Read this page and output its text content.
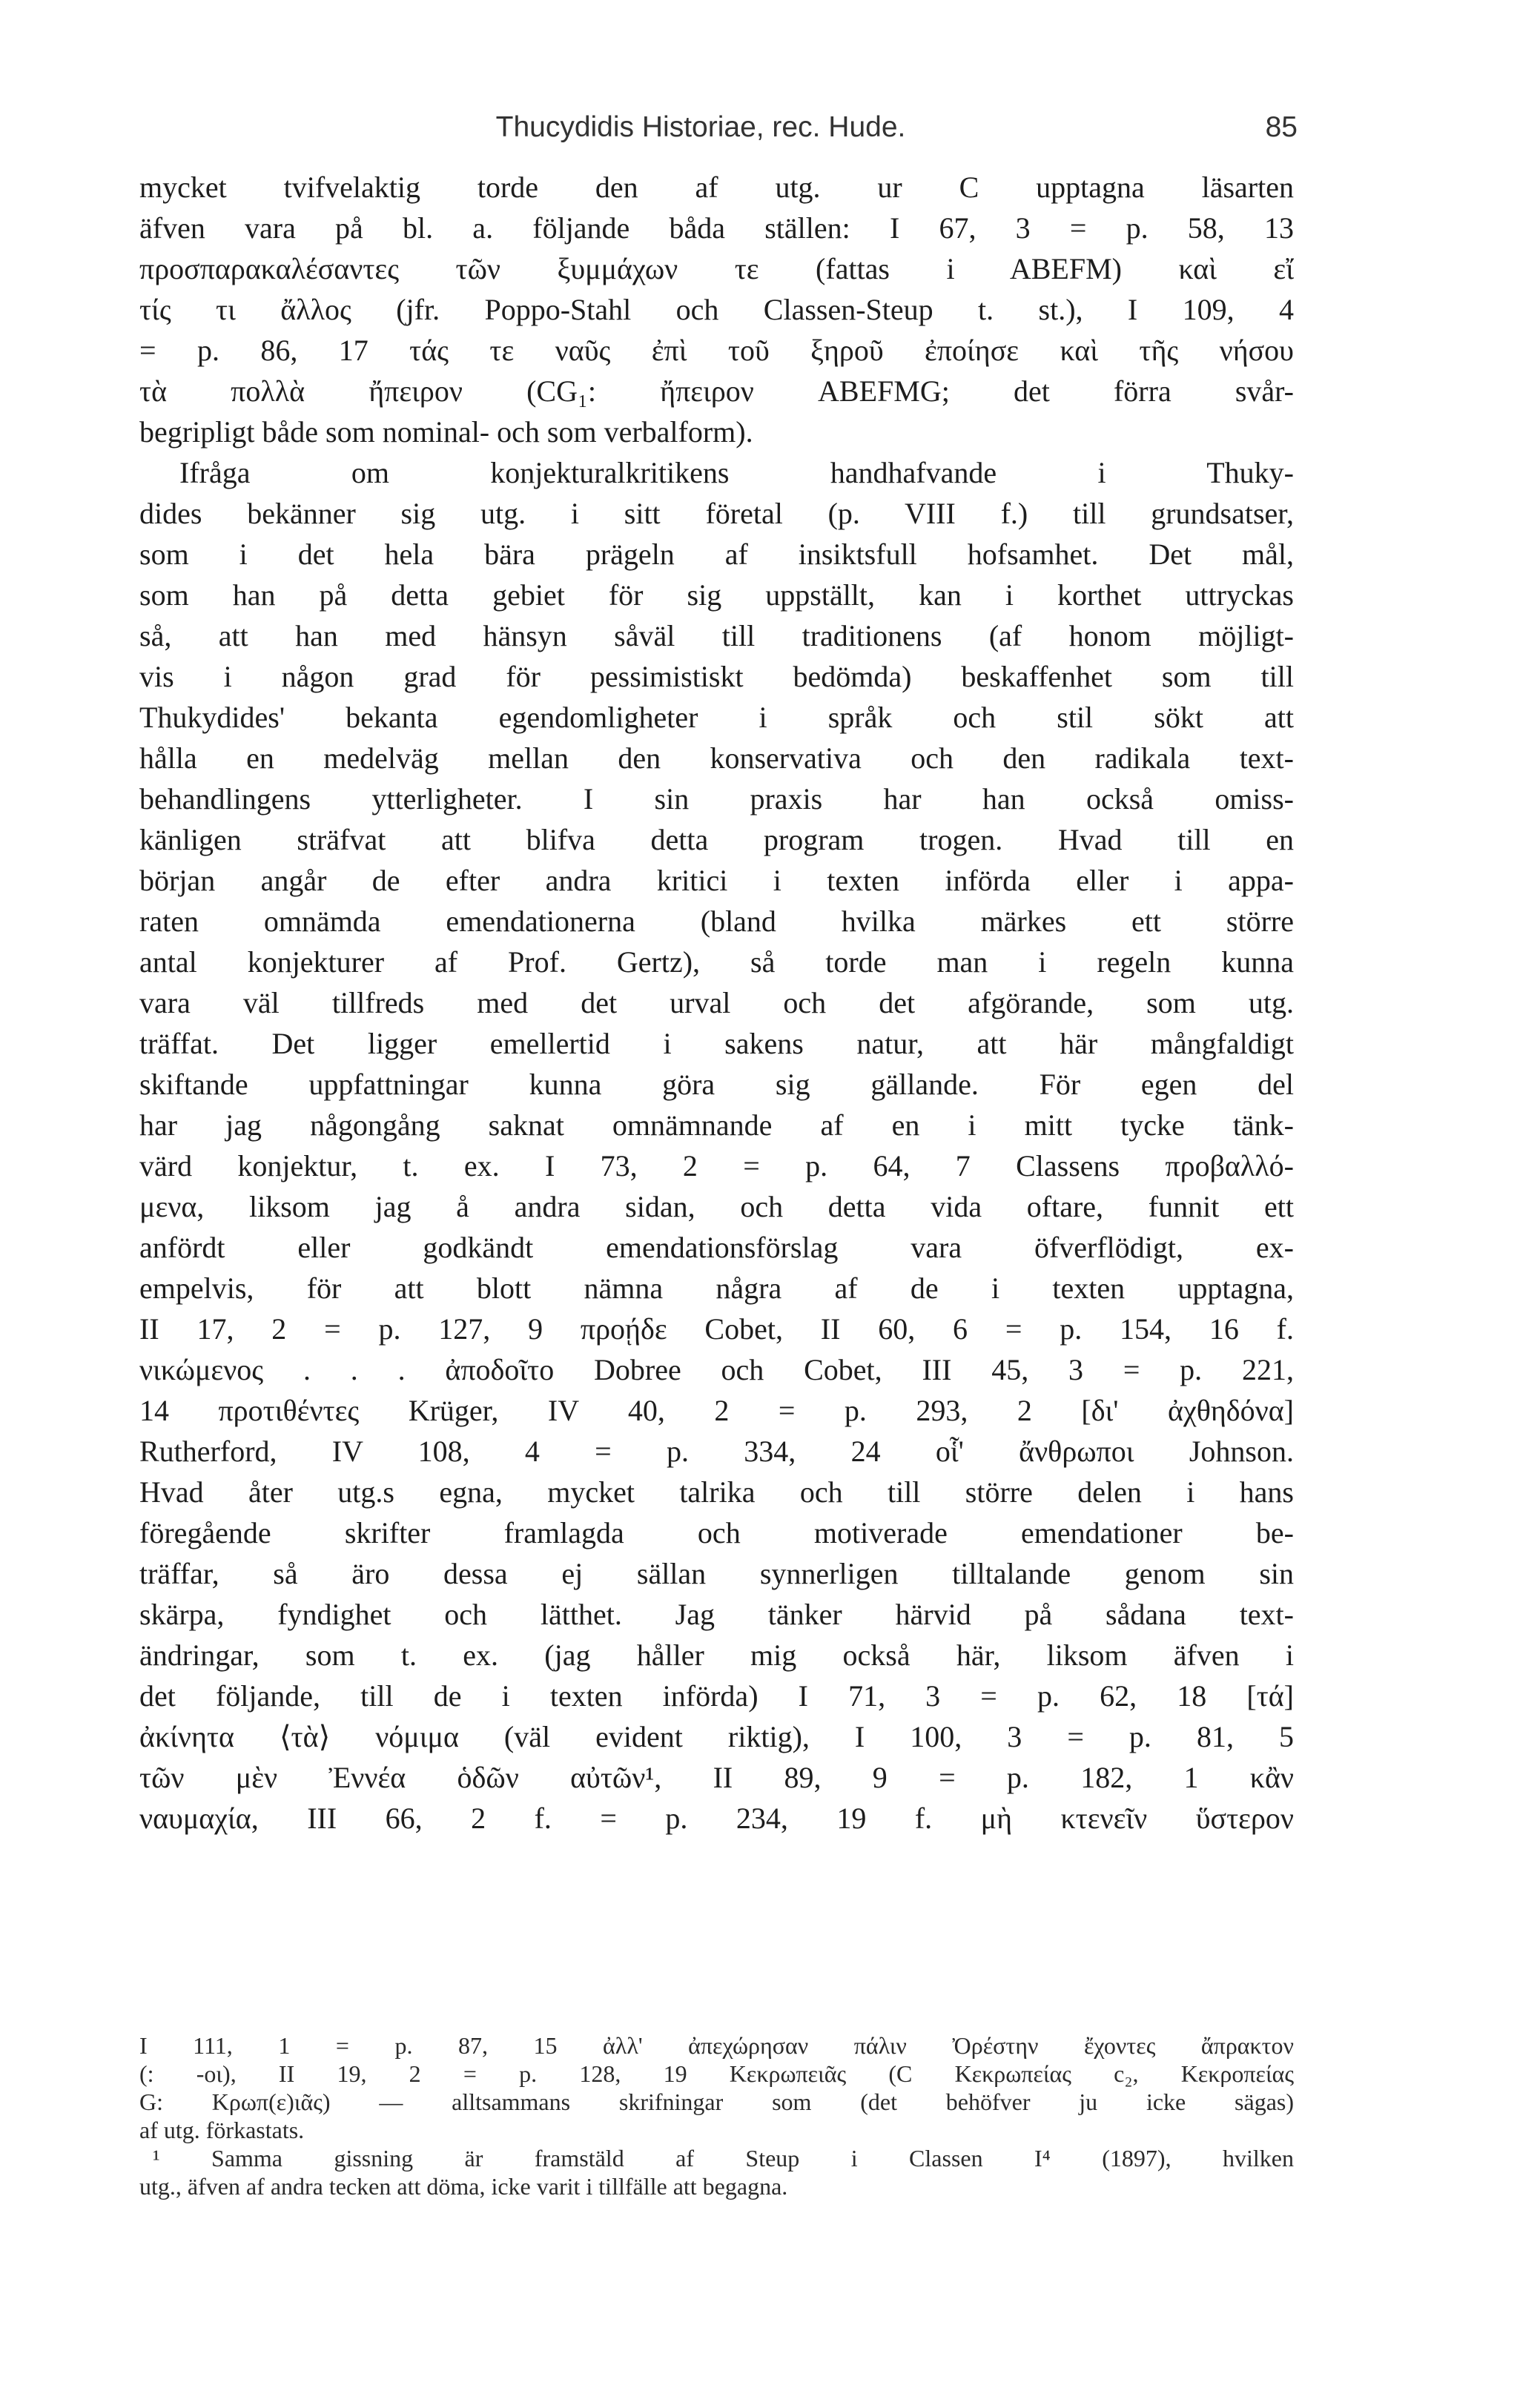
Thucydidis Historiae, rec. Hude.	85
mycket tvifvelaktig torde den af utg. ur C upptagna läsarten
äfven vara på bl. a. följande båda ställen: I 67, 3 = p. 58, 13
προσπαρακαλέσαντες τῶν ξυμμάχων τε (fattas i ABEFM) καὶ εἴ
τίς τι ἄλλος (jfr. Poppo-Stahl och Classen-Steup t. st.), I 109, 4
= p. 86, 17 τάς τε ναῦς ἐπὶ τοῦ ξηροῦ ἐποίησε καὶ τῆς νήσου
τὰ πολλὰ ἤπειρον (CG₁: ἤπειρον ABEFMG; det förra svår-
begripligt både som nominal- och som verbalform).
Ifråga om konjekturalkritikens handhafvande i Thuky-
dides bekänner sig utg. i sitt företal (p. VIII f.) till grundsatser,
som i det hela bära prägeln af insiktsfull hofsamhet. Det mål,
som han på detta gebiet för sig uppställt, kan i korthet uttryckas
så, att han med hänsyn såväl till traditionens (af honom möjligt-
vis i någon grad för pessimistiskt bedömda) beskaffenhet som till
Thukydides' bekanta egendomligheter i språk och stil sökt att
hålla en medelväg mellan den konservativa och den radikala text-
behandlingens ytterligheter. I sin praxis har han också omiss-
känligen sträfvat att blifva detta program trogen. Hvad till en
början angår de efter andra kritici i texten införda eller i appa-
raten omnämda emendationerna (bland hvilka märkes ett större
antal konjekturer af Prof. Gertz), så torde man i regeln kunna
vara väl tillfreds med det urval och det afgörande, som utg.
träffat. Det ligger emellertid i sakens natur, att här mångfaldigt
skiftande uppfattningar kunna göra sig gällande. För egen del
har jag någongång saknat omnämnande af en i mitt tycke tänk-
värd konjektur, t. ex. I 73, 2 = p. 64, 7 Classens προβαλλό-
μενα, liksom jag å andra sidan, och detta vida oftare, funnit ett
anfördt eller godkändt emendationsförslag vara öfverflödigt, ex-
empelvis, för att blott nämna några af de i texten upptagna,
II 17, 2 = p. 127, 9 προῄδε Cobet, II 60, 6 = p. 154, 16 f.
νικώμενος . . . ἀποδοῖτο Dobree och Cobet, III 45, 3 = p. 221,
14 προτιθέντες Krüger, IV 40, 2 = p. 293, 2 [δι' ἀχθηδόνα]
Rutherford, IV 108, 4 = p. 334, 24 οἷ' ἄνθρωποι Johnson.
Hvad åter utg.s egna, mycket talrika och till större delen i hans
föregående skrifter framlagda och motiverade emendationer be-
träffar, så äro dessa ej sällan synnerligen tilltalande genom sin
skärpa, fyndighet och lätthet. Jag tänker härvid på sådana text-
ändringar, som t. ex. (jag håller mig också här, liksom äfven i
det följande, till de i texten införda) I 71, 3 = p. 62, 18 [τά]
ἀκίνητα ⟨τὰ⟩ νόμιμα (väl evident riktig), I 100, 3 = p. 81, 5
τῶν μὲν Ἐννέα ὁδῶν αὐτῶν¹, II 89, 9 = p. 182, 1 κἂν
ναυμαχία, III 66, 2 f. = p. 234, 19 f. μὴ κτενεῖν ὕστερον
I 111, 1 = p. 87, 15 ἀλλ' ἀπεχώρησαν πάλιν Ὀρέστην ἔχοντες ἄπρακτον
(: -οι), II 19, 2 = p. 128, 19 Κεκρωπειᾶς (C Κεκρωπείας c₂, Κεκροπείας
G: Κρωπ(ε)ιᾶς) — alltsammans skrifningar som (det behöfver ju icke sägas)
af utg. förkastats.
¹ Samma gissning är framstäld af Steup i Classen I⁴ (1897), hvilken
utg., äfven af andra tecken att döma, icke varit i tillfälle att begagna.
